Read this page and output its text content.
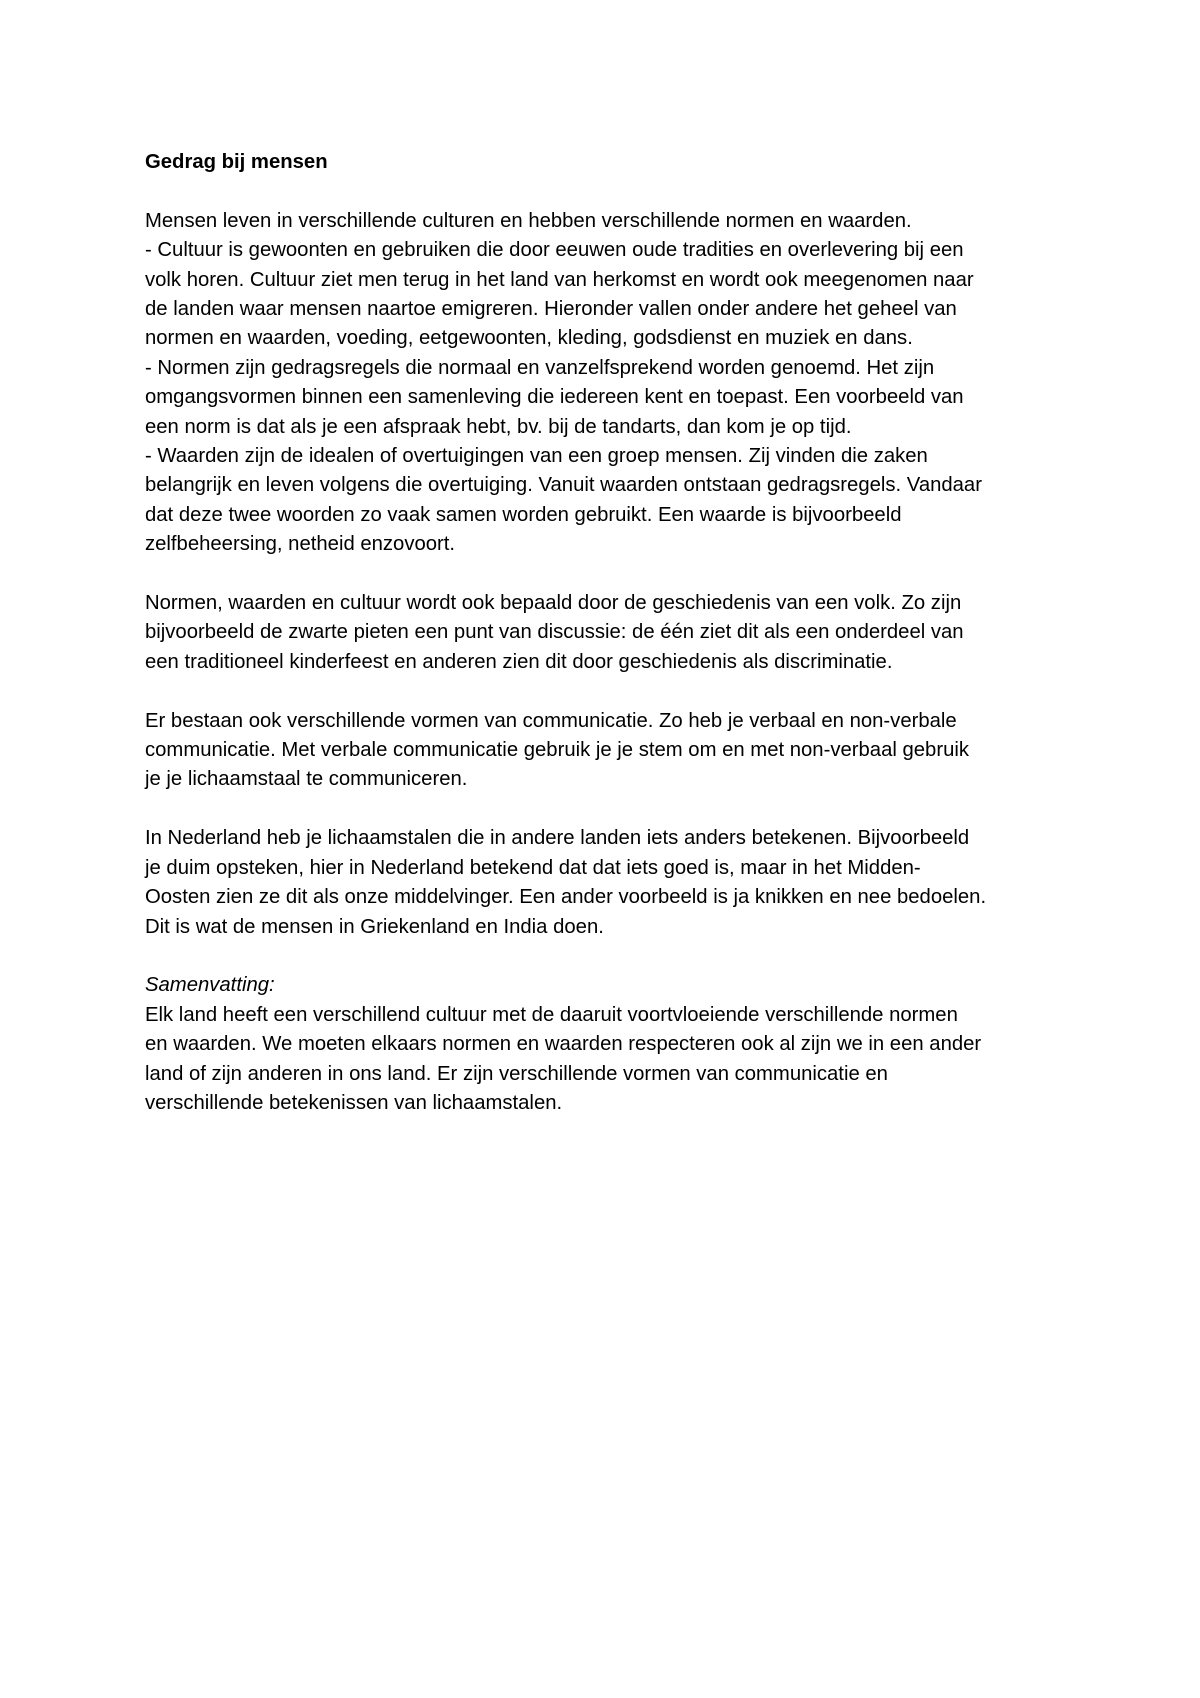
Gedrag bij mensen
Mensen leven in verschillende culturen en hebben verschillende normen en waarden.
- Cultuur is gewoonten en gebruiken die door eeuwen oude tradities en overlevering bij een
volk horen. Cultuur ziet men terug in het land van herkomst en wordt ook meegenomen naar
de landen waar mensen naartoe emigreren. Hieronder vallen onder andere het geheel van
normen en waarden, voeding, eetgewoonten, kleding, godsdienst en muziek en dans.
- Normen zijn gedragsregels die normaal en vanzelfsprekend worden genoemd. Het zijn
omgangsvormen binnen een samenleving die iedereen kent en toepast. Een voorbeeld van
een norm is dat als je een afspraak hebt, bv. bij de tandarts, dan kom je op tijd.
- Waarden zijn de idealen of overtuigingen van een groep mensen. Zij vinden die zaken
belangrijk en leven volgens die overtuiging. Vanuit waarden ontstaan gedragsregels. Vandaar
dat deze twee woorden zo vaak samen worden gebruikt. Een waarde is bijvoorbeeld
zelfbeheersing, netheid enzovoort.
Normen, waarden en cultuur wordt ook bepaald door de geschiedenis van een volk. Zo zijn
bijvoorbeeld de zwarte pieten een punt van discussie: de één ziet dit als een onderdeel van
een traditioneel kinderfeest en anderen zien dit door geschiedenis als discriminatie.
Er bestaan ook verschillende vormen van communicatie. Zo heb je verbaal en non-verbale
communicatie. Met verbale communicatie gebruik je je stem om en met non-verbaal gebruik
je je lichaamstaal te communiceren.
In Nederland heb je lichaamstalen die in andere landen iets anders betekenen. Bijvoorbeeld
je duim opsteken, hier in Nederland betekend dat dat iets goed is, maar in het Midden-
Oosten zien ze dit als onze middelvinger. Een ander voorbeeld is ja knikken en nee bedoelen.
Dit is wat de mensen in Griekenland en India doen.
Samenvatting:
Elk land heeft een verschillend cultuur met de daaruit voortvloeiende verschillende normen
en waarden. We moeten elkaars normen en waarden respecteren ook al zijn we in een ander
land of zijn anderen in ons land. Er zijn verschillende vormen van communicatie en
verschillende betekenissen van lichaamstalen.
